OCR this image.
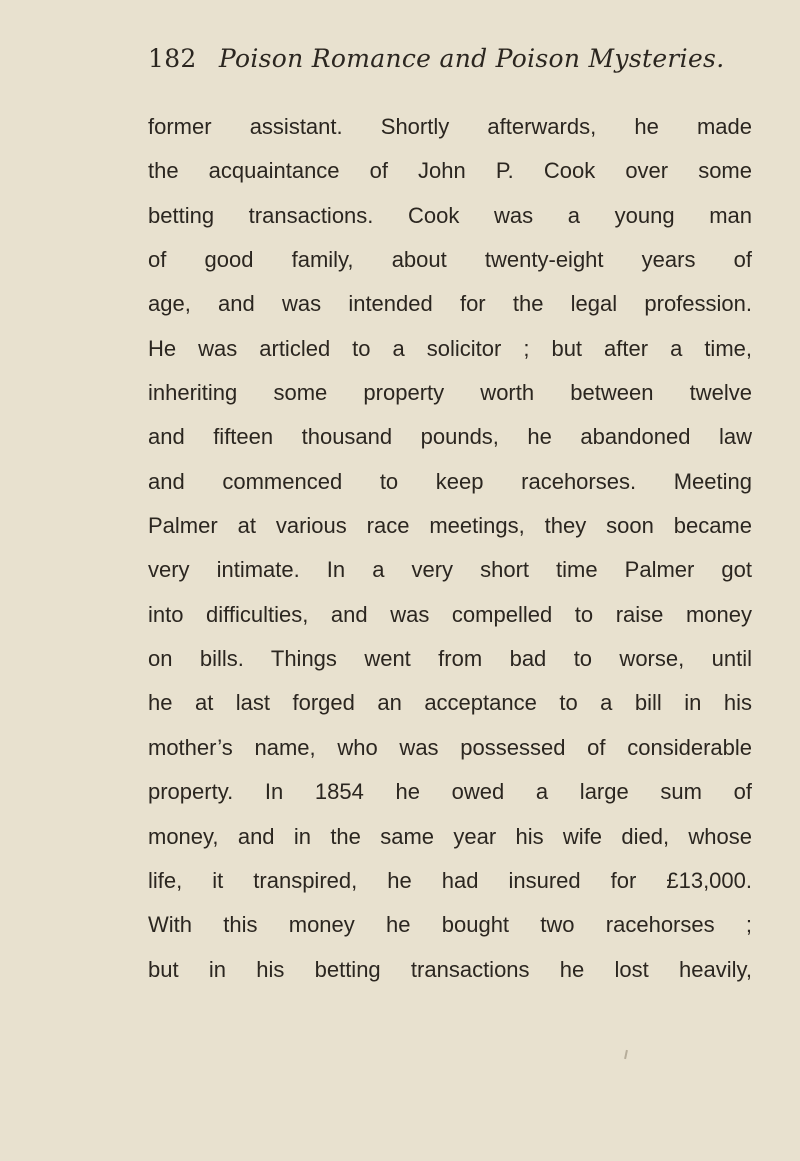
182 Poison Romance and Poison Mysteries.
former assistant. Shortly afterwards, he made
the acquaintance of John P. Cook over some
betting transactions. Cook was a young man
of good family, about twenty-eight years of
age, and was intended for the legal profession.
He was articled to a solicitor ; but after a time,
inheriting some property worth between twelve
and fifteen thousand pounds, he abandoned law
and commenced to keep racehorses. Meeting
Palmer at various race meetings, they soon became
very intimate. In a very short time Palmer got
into difficulties, and was compelled to raise money
on bills. Things went from bad to worse, until
he at last forged an acceptance to a bill in his
mother’s name, who was possessed of considerable
property. In 1854 he owed a large sum of
money, and in the same year his wife died, whose
life, it transpired, he had insured for £13,000.
With this money he bought two racehorses ;
but in his betting transactions he lost heavily,
